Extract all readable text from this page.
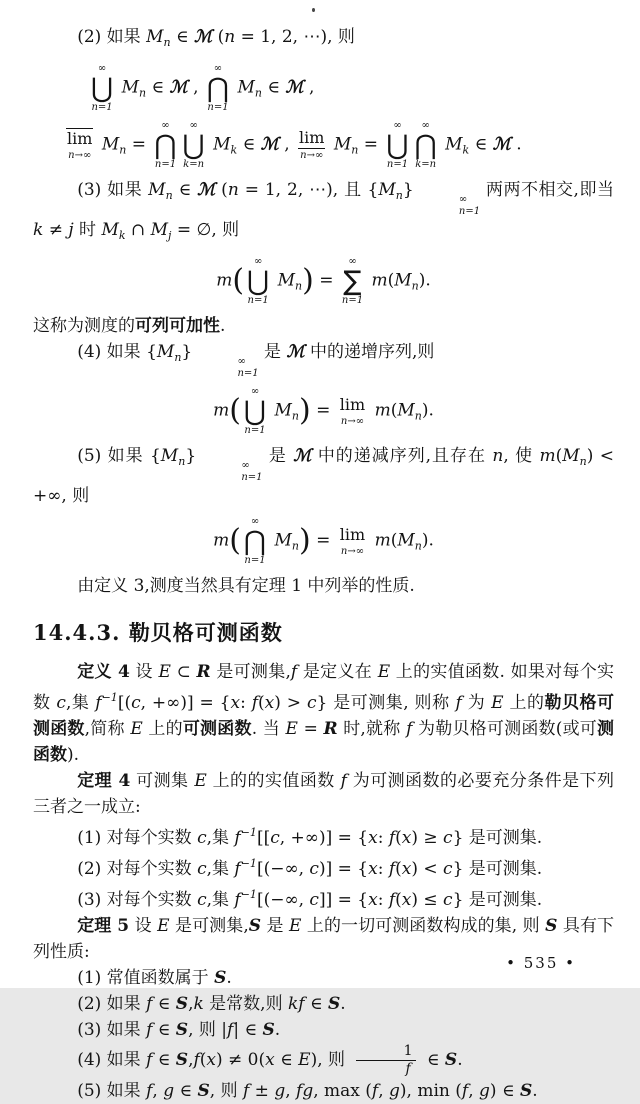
(2) 如果 $M_n$ ∈ ℳ (n = 1, 2, ⋯), 则
∞
⋃
n=1
$M_n$ ∈ ℳ ,
∞
⋂
n=1
$M_n$ ∈ ℳ ,
lim
n→∞
$M_n$ =
∞
⋂
n=1
∞
⋃
k=n
$M_k$ ∈ ℳ , lim
n→∞
$M_n$ =
∞
⋃
n=1
∞
⋂
k=n
$M_k$ ∈ ℳ .
(3) 如果 $M_n$ ∈ ℳ (n = 1, 2, ⋯), 且 $\{M_n\}$	∞
n=1
两两不相交,即当 k ≠ j 时 $M_k$ ∩ $M_j$ = ∅, 则
m(
∞
⋃
n=1
$M_n$) =
∞
∑
n=1
$m(M_n)$.
这称为测度的可列可加性.
(4) 如果 $\{M_n\}$	∞
n=1
是 ℳ 中的递增序列,则
m(
∞
⋃
n=1
$M_n) = \lim$
n→∞
$m(M_n)$.
(5) 如果 $\{M_n\}$	∞
n=1
是 ℳ 中的递减序列,且存在 n, 使 $m(M_n)$ < +∞, 则
m(
∞
⋂
n=1
$M_n) = \lim$
n→∞
$m(M_n)$.
由定义 3,测度当然具有定理 1 中列举的性质.
14.4.3. 勒贝格可测函数
定义 4 设 E ⊂ R 是可测集,f 是定义在 E 上的实值函数. 如果对每个实数 c,集 $f^{-1}[(c$, +∞)] = {x: f(x) > c} 是可测集, 则称 f 为 E 上的勒贝格可测函数,简称 E 上的可测函数. 当 E = R 时,就称 f 为勒贝格可测函数(或可测函数).
定理 4 可测集 E 上的的实值函数 f 为可测函数的必要充分条件是下列三者之一成立:
(1) 对每个实数 c,集 $f^{-1}[[c$, +∞)] = {x: f(x) ≥ c} 是可测集.
(2) 对每个实数 c,集 $f^{-1}[(-\infty$, c)] = {x: f(x) < c} 是可测集.
(3) 对每个实数 c,集 $f^{-1}[(-\infty$, c]] = {x: f(x) ≤ c} 是可测集.
定理 5 设 E 是可测集,S 是 E 上的一切可测函数构成的集, 则 S 具有下列性质:
(1) 常值函数属于 S.
(2) 如果 f ∈ S,k 是常数,则 kf ∈ S.
(3) 如果 f ∈ S, 则 |f| ∈ S.
(4) 如果 f ∈ S,f(x) ≠ 0(x ∈ E), 则 $\frac{1}{f}$ ∈ S.
(5) 如果 f, g ∈ S, 则 f ± g, fg, max (f, g), min (f, g) ∈ S.
• 535 •
